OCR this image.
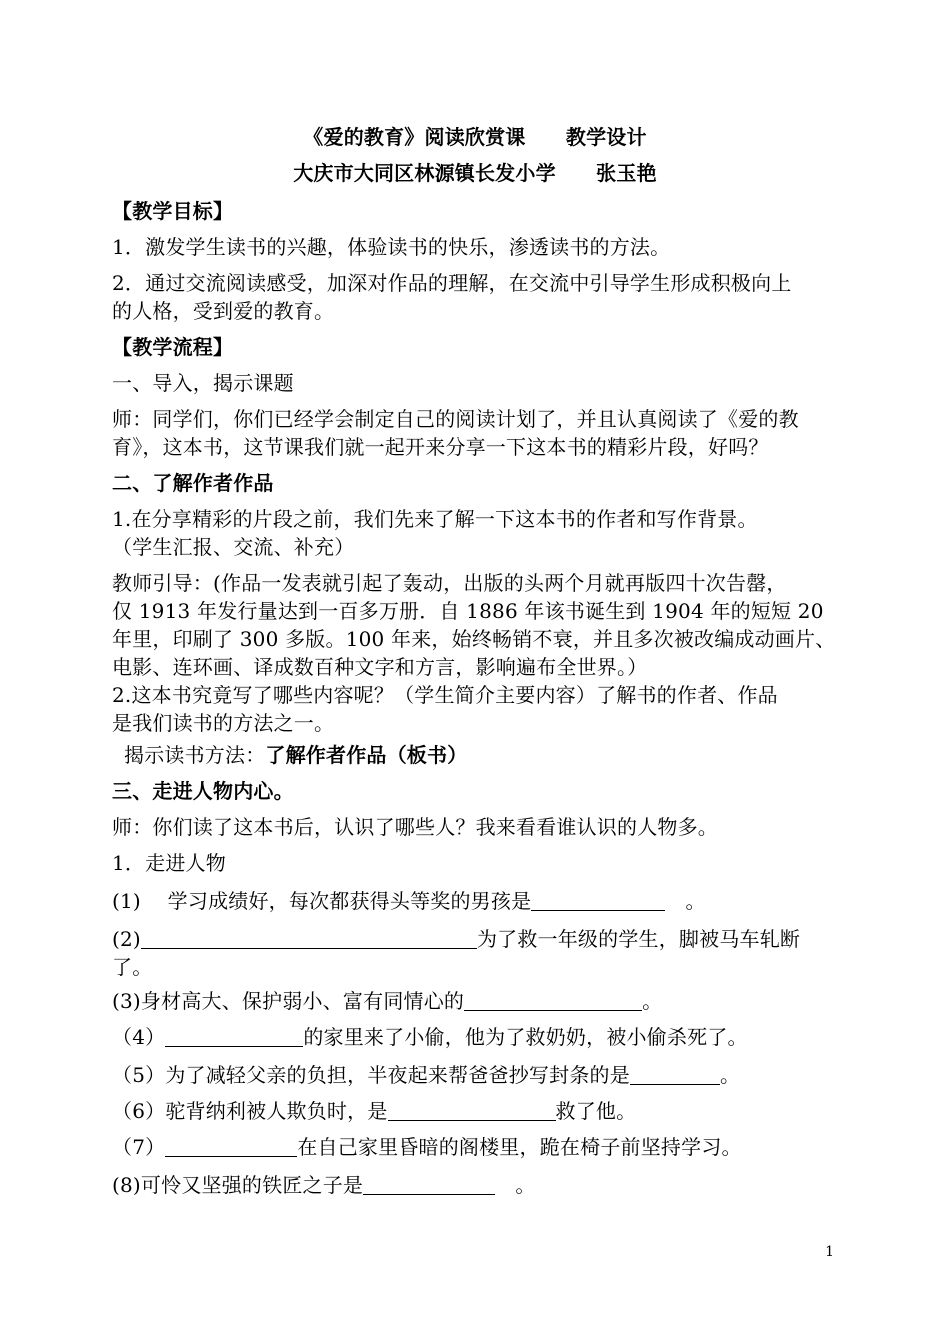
《爱的教育》阅读欣赏课　　教学设计
大庆市大同区林源镇长发小学　　张玉艳
【教学目标】
1．激发学生读书的兴趣，体验读书的快乐，渗透读书的方法。
2．通过交流阅读感受，加深对作品的理解，在交流中引导学生形成积极向上
的人格，受到爱的教育。
【教学流程】
一、导入，揭示课题
师：同学们，你们已经学会制定自己的阅读计划了，并且认真阅读了《爱的教
育》，这本书，这节课我们就一起开来分享一下这本书的精彩片段，好吗？
二、了解作者作品
1.在分享精彩的片段之前，我们先来了解一下这本书的作者和写作背景。
（学生汇报、交流、补充）
教师引导：(作品一发表就引起了轰动，出版的头两个月就再版四十次告罄，
仅 1913 年发行量达到一百多万册．自 1886 年该书诞生到 1904 年的短短 20
年里，印刷了 300 多版。100 年来，始终畅销不衰，并且多次被改编成动画片、
电影、连环画、译成数百种文字和方言，影响遍布全世界。）
2.这本书究竟写了哪些内容呢？（学生简介主要内容）了解书的作者、作品
是我们读书的方法之一。
揭示读书方法：了解作者作品（板书）
三、走进人物内心。
师：你们读了这本书后，认识了哪些人？我来看看谁认识的人物多。
1．走进人物
(1)　 学习成绩好，每次都获得头等奖的男孩是	　。
(2)	为了救一年级的学生，脚被马车轧断
了。
(3)身材高大、保护弱小、富有同情心的	。
（4）	的家里来了小偷，他为了救奶奶，被小偷杀死了。
（5）为了减轻父亲的负担，半夜起来帮爸爸抄写封条的是	。
（6）驼背纳利被人欺负时，是	救了他。
（7）	在自己家里昏暗的阁楼里，跪在椅子前坚持学习。
(8)可怜又坚强的铁匠之子是	　。
1
